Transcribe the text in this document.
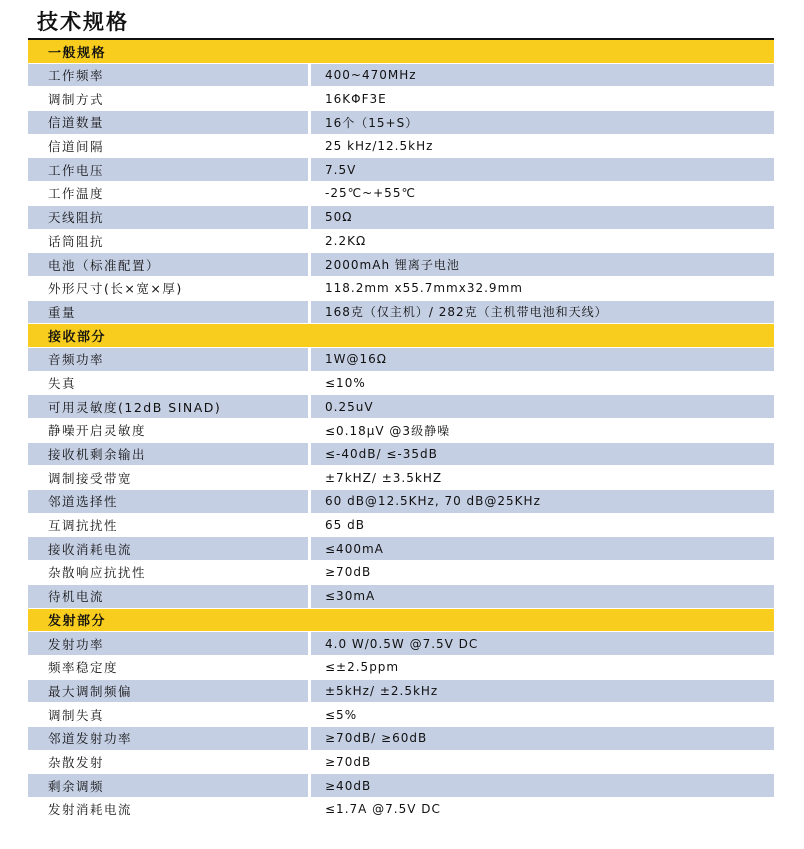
技术规格
一般规格
工作频率	400~470MHz
调制方式	16KΦF3E
信道数量	16个（15+S）
信道间隔	25 kHz/12.5kHz
工作电压	7.5V
工作温度	-25℃~+55℃
天线阻抗	50Ω
话筒阻抗	2.2KΩ
电池（标准配置）	2000mAh 锂离子电池
外形尺寸(长×宽×厚)	118.2mm x55.7mmx32.9mm
重量	168克（仅主机）/ 282克（主机带电池和天线）
接收部分
音频功率	1W@16Ω
失真	≤10%
可用灵敏度(12dB SINAD)	0.25uV
静噪开启灵敏度	≤0.18μV @3级静噪
接收机剩余输出	≤-40dB/ ≤-35dB
调制接受带宽	±7kHZ/ ±3.5kHZ
邻道选择性	60 dB@12.5KHz, 70 dB@25KHz
互调抗扰性	65 dB
接收消耗电流	≤400mA
杂散响应抗扰性	≥70dB
待机电流	≤30mA
发射部分
发射功率	4.0 W/0.5W @7.5V DC
频率稳定度	≤±2.5ppm
最大调制频偏	±5kHz/ ±2.5kHz
调制失真	≤5%
邻道发射功率	≥70dB/ ≥60dB
杂散发射	≥70dB
剩余调频	≥40dB
发射消耗电流	≤1.7A @7.5V DC
